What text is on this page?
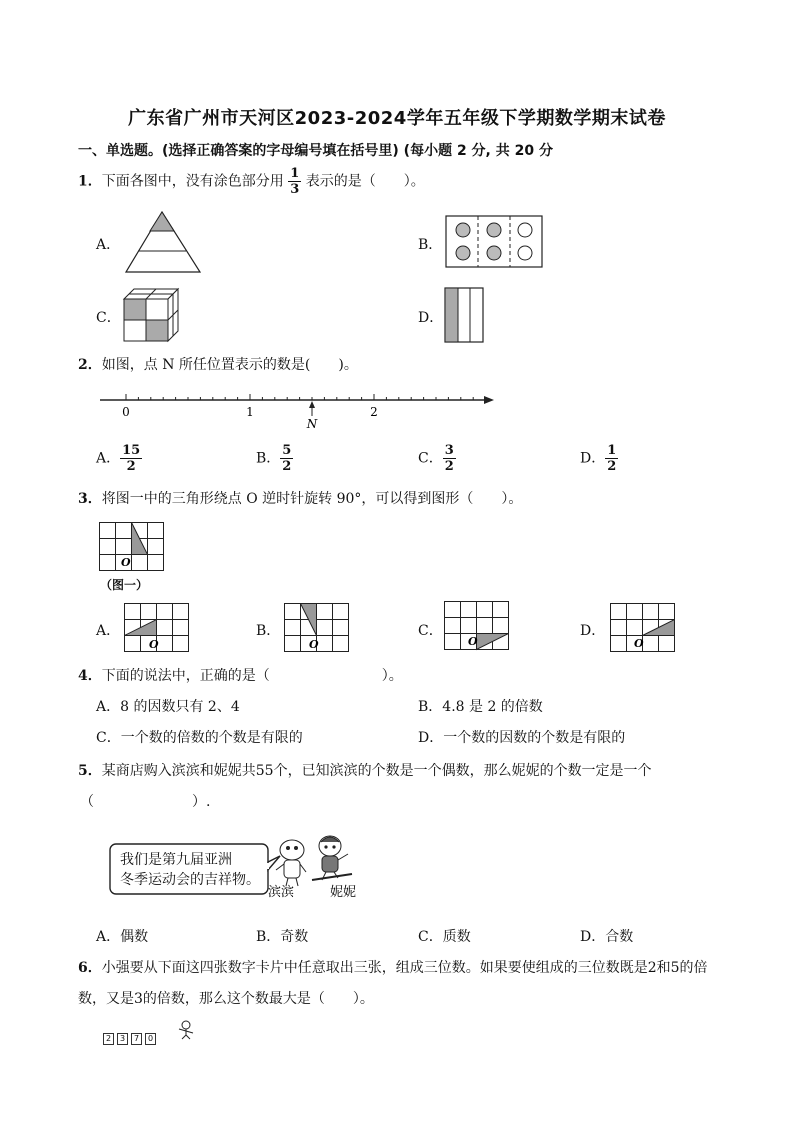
广东省广州市天河区2023-2024学年五年级下学期数学期末试卷
一、单选题。(选择正确答案的字母编号填在括号里) (每小题 2 分, 共 20 分
1．下面各图中，没有涂色部分用 $\frac{1}{3}$ 表示的是（　　）。
A．	B．
C．	D．
2．如图，点 N 所任位置表示的数是(　　)。
0	1	2
N
A． $\frac{15}{2}$	B． $\frac{5}{2}$	C． $\frac{3}{2}$	D． $\frac{1}{2}$
3．将图一中的三角形绕点 O 逆时针旋转 90°，可以得到图形（　　）。
O
（图一）
A．
O
B．
O
C．
O
D．
O
4．下面的说法中，正确的是（　　　　　　　　）。
A．8 的因数只有 2、4	B．4.8 是 2 的倍数
C．一个数的倍数的个数是有限的	D．一个数的因数的个数是有限的
5．某商店购入滨滨和妮妮共55个，已知滨滨的个数是一个偶数，那么妮妮的个数一定是一个
（　　　　　　　）.
滨滨	妮妮
我们是第九届亚洲
冬季运动会的吉祥物。
A．偶数	B．奇数	C．质数	D．合数
6．小强要从下面这四张数字卡片中任意取出三张，组成三位数。如果要使组成的三位数既是2和5的倍
数，又是3的倍数，那么这个数最大是（　　）。
2 3 7 0
